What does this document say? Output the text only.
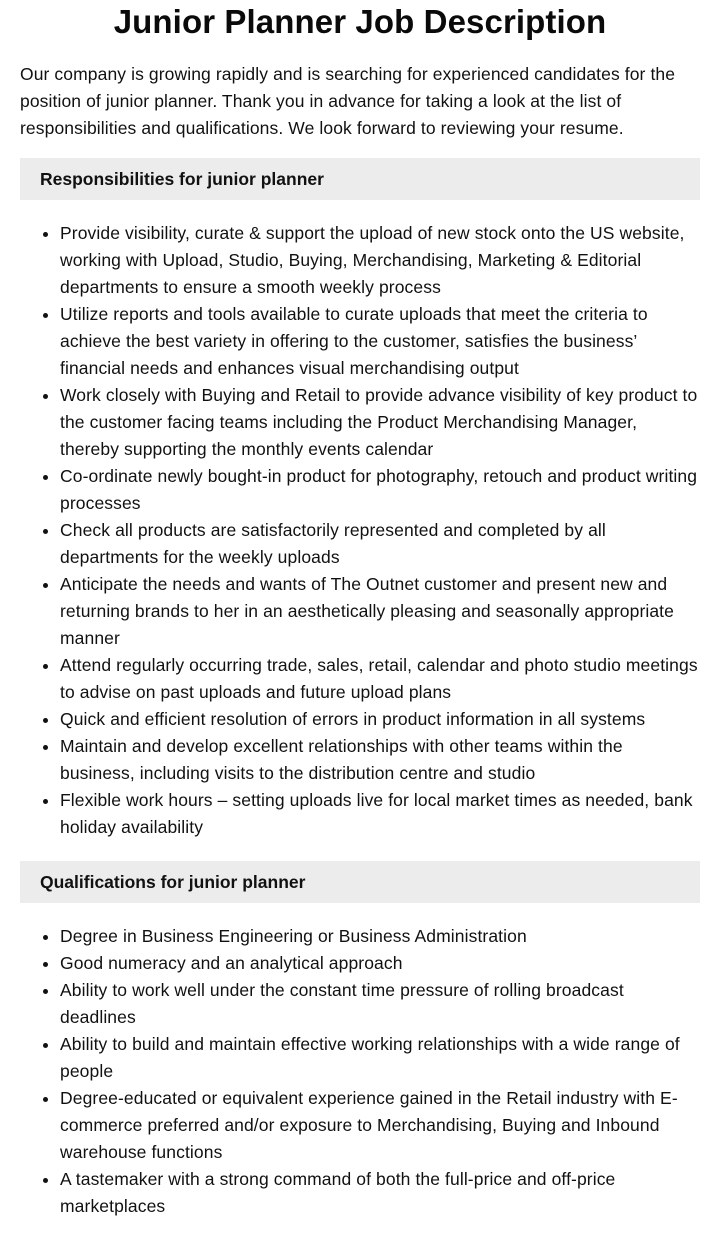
Junior Planner Job Description

Our company is growing rapidly and is searching for experienced candidates for the position of junior planner. Thank you in advance for taking a look at the list of responsibilities and qualifications. We look forward to reviewing your resume.

Responsibilities for junior planner
• Provide visibility, curate & support the upload of new stock onto the US website, working with Upload, Studio, Buying, Merchandising, Marketing & Editorial departments to ensure a smooth weekly process
• Utilize reports and tools available to curate uploads that meet the criteria to achieve the best variety in offering to the customer, satisfies the business’ financial needs and enhances visual merchandising output
• Work closely with Buying and Retail to provide advance visibility of key product to the customer facing teams including the Product Merchandising Manager, thereby supporting the monthly events calendar
• Co-ordinate newly bought-in product for photography, retouch and product writing processes
• Check all products are satisfactorily represented and completed by all departments for the weekly uploads
• Anticipate the needs and wants of The Outnet customer and present new and returning brands to her in an aesthetically pleasing and seasonally appropriate manner
• Attend regularly occurring trade, sales, retail, calendar and photo studio meetings to advise on past uploads and future upload plans
• Quick and efficient resolution of errors in product information in all systems
• Maintain and develop excellent relationships with other teams within the business, including visits to the distribution centre and studio
• Flexible work hours – setting uploads live for local market times as needed, bank holiday availability
Qualifications for junior planner
• Degree in Business Engineering or Business Administration
• Good numeracy and an analytical approach
• Ability to work well under the constant time pressure of rolling broadcast deadlines
• Ability to build and maintain effective working relationships with a wide range of people
• Degree-educated or equivalent experience gained in the Retail industry with E-commerce preferred and/or exposure to Merchandising, Buying and Inbound warehouse functions
• A tastemaker with a strong command of both the full-price and off-price marketplaces
